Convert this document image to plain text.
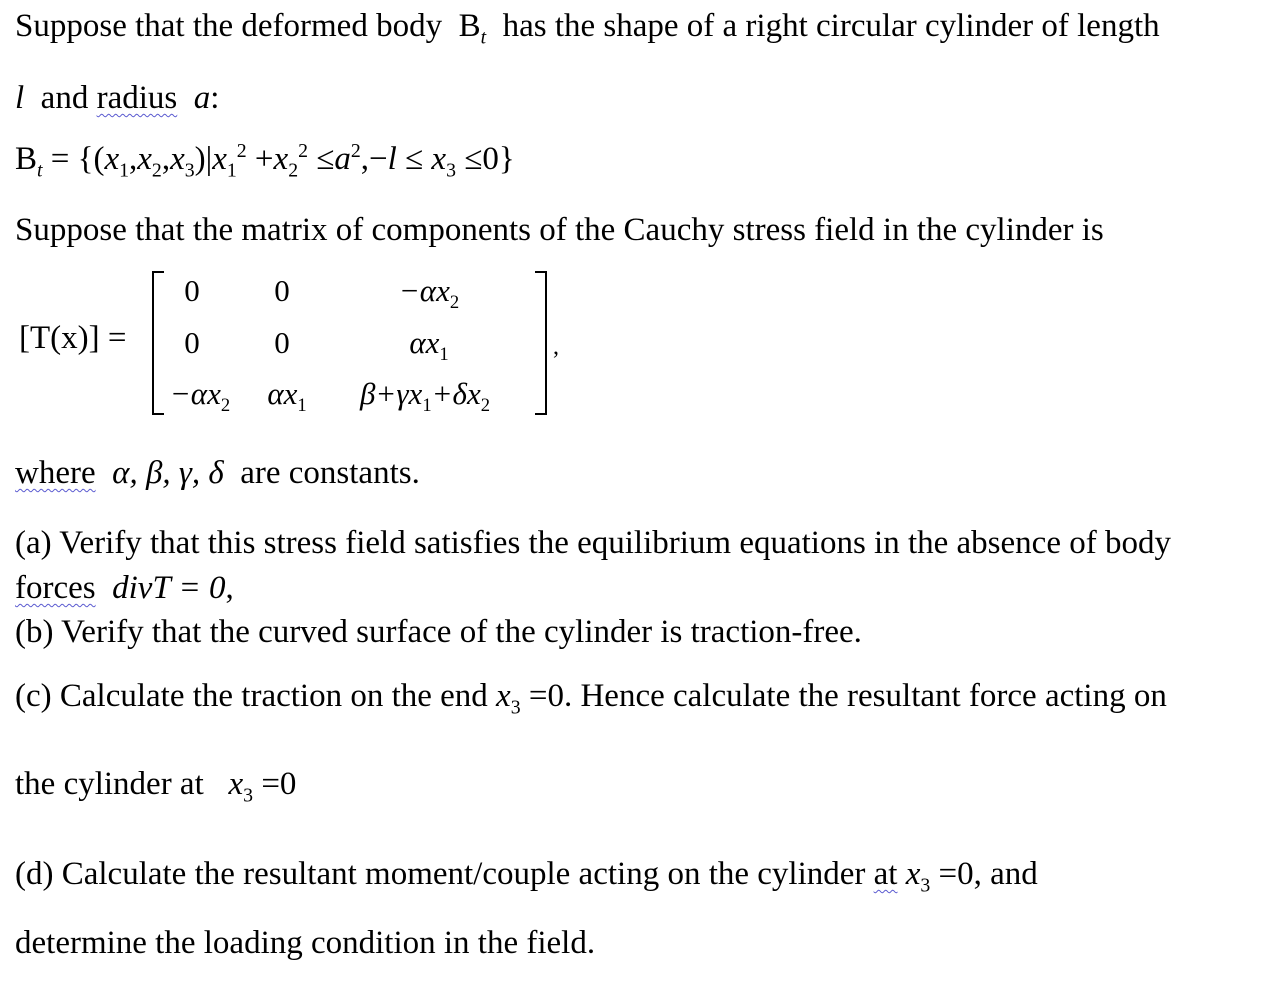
Suppose that the deformed body $B_t$ has the shape of a right circular cylinder of length
l and radius a:
$B_t = \{(x_1,x_2,x_3)|x_1^2 +x_2^2 \le a^2,-l \le x_3 \le 0\}$
Suppose that the matrix of components of the Cauchy stress field in the cylinder is
[T(x)] =
0 0	$-\alpha x_2$
0 0	$\alpha x_1$
$-\alpha x_2$ $\alpha x_1$ $\beta+\gamma x_1+\delta x_2$
,
where α, β, γ, δ are constants.
(a) Verify that this stress field satisfies the equilibrium equations in the absence of body
forces divT = 0,
(b) Verify that the curved surface of the cylinder is traction-free.
(c) Calculate the traction on the end $x_3 =0$. Hence calculate the resultant force acting on
the cylinder at $x_3 =0$
(d) Calculate the resultant moment/couple acting on the cylinder at $x_3 =0$, and
determine the loading condition in the field.
